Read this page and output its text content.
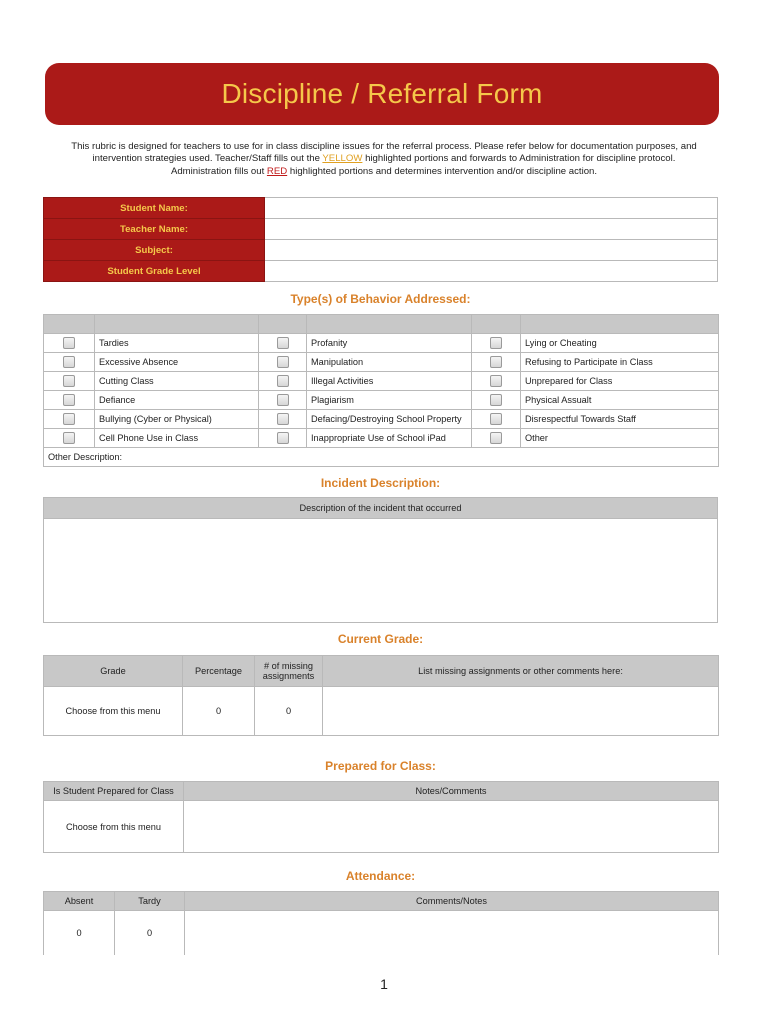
Discipline / Referral Form
This rubric is designed for teachers to use for in class discipline issues for the referral process. Please refer below for documentation purposes, and
intervention strategies used. Teacher/Staff fills out the YELLOW highlighted portions and forwards to Administration for discipline protocol.
Administration fills out RED highlighted portions and determines intervention and/or discipline action.
Student Name:	
Teacher Name:	
Subject:	
Student Grade Level	
Type(s) of Behavior Addressed:

	Tardies		Profanity		Lying or Cheating
	Excessive Absence		Manipulation		Refusing to Participate in Class
	Cutting Class		Illegal Activities		Unprepared for Class
	Defiance		Plagiarism		Physical Assualt
	Bullying (Cyber or Physical)		Defacing/Destroying School Property		Disrespectful Towards Staff
	Cell Phone Use in Class		Inappropriate Use of School iPad		Other
Other Description:					
Incident Description:
Description of the incident that occurred

Current Grade:
Grade	Percentage	# of missing assignments	List missing assignments or other comments here:
Choose from this menu	0	0	
Prepared for Class:
Is Student Prepared for Class	Notes/Comments
Choose from this menu	
Attendance:
Absent	Tardy	Comments/Notes
0	0	
1
